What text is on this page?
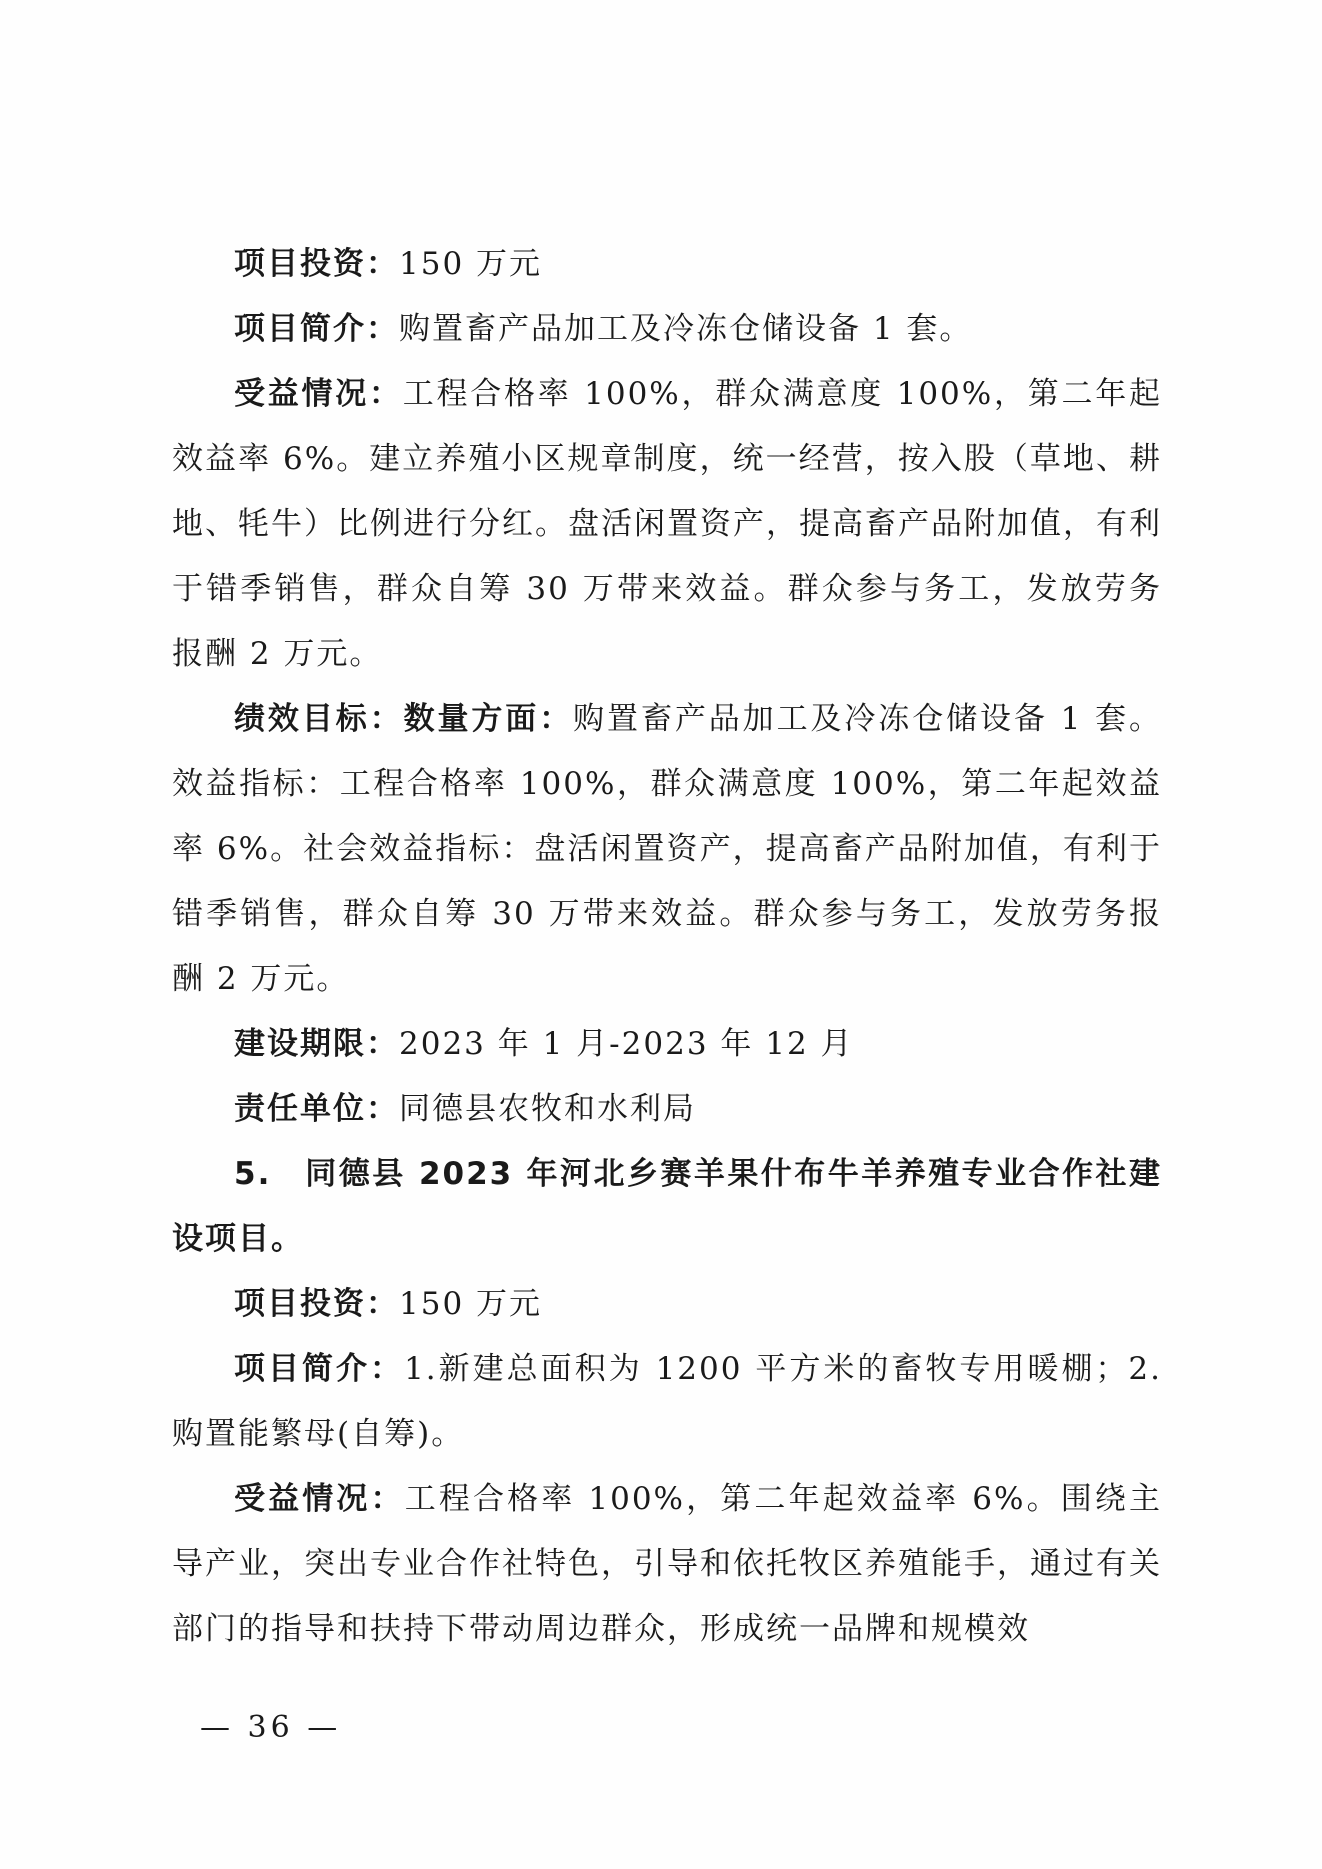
项目投资：150 万元

项目简介：购置畜产品加工及冷冻仓储设备 1 套。

受益情况：工程合格率 100%，群众满意度 100%，第二年起效益率 6%。建立养殖小区规章制度，统一经营，按入股（草地、耕地、牦牛）比例进行分红。盘活闲置资产，提高畜产品附加值，有利于错季销售，群众自筹 30 万带来效益。群众参与务工，发放劳务报酬 2 万元。

绩效目标：数量方面：购置畜产品加工及冷冻仓储设备 1 套。效益指标：工程合格率 100%，群众满意度 100%，第二年起效益率 6%。社会效益指标：盘活闲置资产，提高畜产品附加值，有利于错季销售，群众自筹 30 万带来效益。群众参与务工，发放劳务报酬 2 万元。

建设期限：2023 年 1 月-2023 年 12 月

责任单位：同德县农牧和水利局

5.　同德县 2023 年河北乡赛羊果什布牛羊养殖专业合作社建设项目。

项目投资：150 万元

项目简介：1.新建总面积为 1200 平方米的畜牧专用暖棚；2.购置能繁母(自筹)。

受益情况：工程合格率 100%，第二年起效益率 6%。围绕主导产业，突出专业合作社特色，引导和依托牧区养殖能手，通过有关部门的指导和扶持下带动周边群众，形成统一品牌和规模效

— 36 —
